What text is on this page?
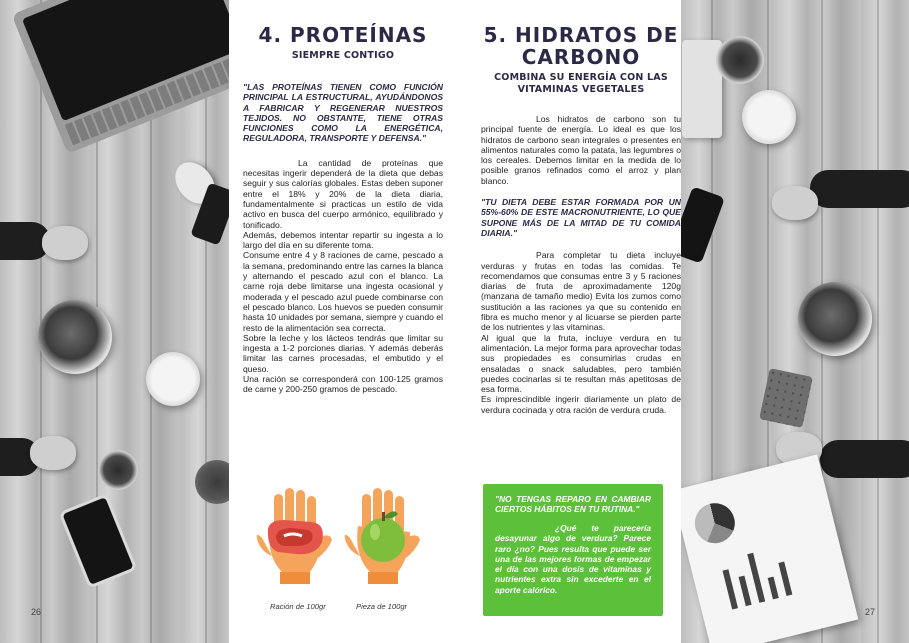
26	27
4. PROTEÍNAS
SIEMPRE CONTIGO
"LAS PROTEÍNAS TIENEN COMO FUNCIÓN PRINCIPAL LA ESTRUCTURAL, AYUDÁNDONOS A FABRICAR Y REGENERAR NUESTROS TEJIDOS. NO OBSTANTE, TIENE OTRAS FUNCIONES COMO LA ENERGÉTICA, REGULADORA, TRANSPORTE Y DEFENSA."
La cantidad de proteínas que necesitas ingerir dependerá de la dieta que debas seguir y sus calorías globales. Estas deben suponer entre el 18% y 20% de la dieta diaria, fundamentalmente si practicas un estilo de vida activo en busca del cuerpo armónico, equilibrado y tonificado.
Además, debemos intentar repartir su ingesta a lo largo del día en su diferente toma.
Consume entre 4 y 8 raciones de carne, pescado a la semana, predominando entre las carnes la blanca y alternando el pescado azul con el blanco. La carne roja debe limitarse una ingesta ocasional y moderada y el pescado azul puede combinarse con el pescado blanco. Los huevos se pueden consumir hasta 10 unidades por semana, siempre y cuando el resto de la alimentación sea correcta.
Sobre la leche y los lácteos tendrás que limitar su ingesta a 1-2 porciones diarias. Y además deberás limitar las carnes procesadas, el embutido y el queso.
Una ración se corresponderá con 100-125 gramos de carne y 200-250 gramos de pescado.
Ración de 100gr	Pieza de 100gr
5. HIDRATOS DE
CARBONO
COMBINA SU ENERGÍA CON LAS VITAMINAS VEGETALES
Los hidratos de carbono son tu principal fuente de energía. Lo ideal es que los hidratos de carbono sean integrales o presentes en alimentos naturales como la patata, las legumbres o los cereales. Debemos limitar en la medida de lo posible granos refinados como el arroz y plan blanco.
"TU DIETA DEBE ESTAR FORMADA POR UN 55%-60% DE ESTE MACRONUTRIENTE, LO QUE SUPONE MÁS DE LA MITAD DE TU COMIDA DIARIA."
Para completar tu dieta incluye verduras y frutas en todas las comidas. Te recomendamos que consumas entre 3 y 5 raciones diarias de fruta de aproximadamente 120g (manzana de tamaño medio) Evita los zumos como sustitución a las raciones ya que su contenido en fibra es mucho menor y al licuarse se pierden parte de los nutrientes y las vitaminas.
Al igual que la fruta, incluye verdura en tu alimentación. La mejor forma para aprovechar todas sus propiedades es consumirlas crudas en ensaladas o snack saludables, pero también puedes cocinarlas si te resultan más apetitosas de esa forma.
Es imprescindible ingerir diariamente un plato de verdura cocinada y otra ración de verdura cruda.
"NO TENGAS REPARO EN CAMBIAR CIERTOS HÁBITOS EN TU RUTINA."
¿Qué te parecería desayunar algo de verdura? Parece raro ¿no? Pues resulta que puede ser una de las mejores formas de empezar el día con una dosis de vitaminas y nutrientes extra sin excederte en el aporte calórico.
